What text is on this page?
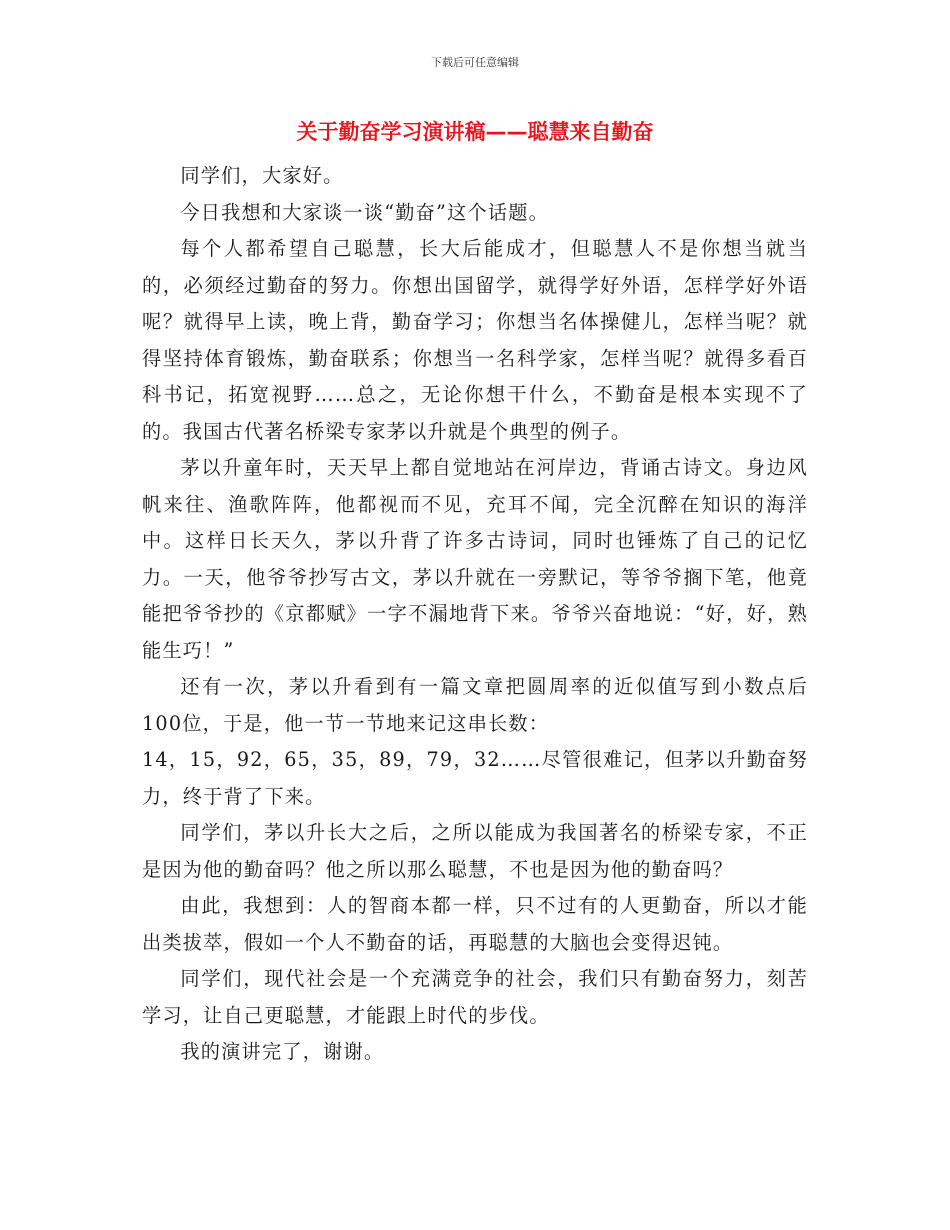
下载后可任意编辑
关于勤奋学习演讲稿——聪慧来自勤奋

同学们，大家好。

今日我想和大家谈一谈“勤奋”这个话题。

每个人都希望自己聪慧，长大后能成才，但聪慧人不是你想当就当的，必须经过勤奋的努力。你想出国留学，就得学好外语，怎样学好外语呢？就得早上读，晚上背，勤奋学习；你想当名体操健儿，怎样当呢？就得坚持体育锻炼，勤奋联系；你想当一名科学家，怎样当呢？就得多看百科书记，拓宽视野……总之，无论你想干什么，不勤奋是根本实现不了的。我国古代著名桥梁专家茅以升就是个典型的例子。

茅以升童年时，天天早上都自觉地站在河岸边，背诵古诗文。身边风帆来往、渔歌阵阵，他都视而不见，充耳不闻，完全沉醉在知识的海洋中。这样日长天久，茅以升背了许多古诗词，同时也锤炼了自己的记忆力。一天，他爷爷抄写古文，茅以升就在一旁默记，等爷爷搁下笔，他竟能把爷爷抄的《京都赋》一字不漏地背下来。爷爷兴奋地说：“好，好，熟能生巧！”

还有一次，茅以升看到有一篇文章把圆周率的近似值写到小数点后100位，于是，他一节一节地来记这串长数：

14，15，92，65，35，89，79，32……尽管很难记，但茅以升勤奋努力，终于背了下来。

同学们，茅以升长大之后，之所以能成为我国著名的桥梁专家，不正是因为他的勤奋吗？他之所以那么聪慧，不也是因为他的勤奋吗？

由此，我想到：人的智商本都一样，只不过有的人更勤奋，所以才能出类拔萃，假如一个人不勤奋的话，再聪慧的大脑也会变得迟钝。

同学们，现代社会是一个充满竞争的社会，我们只有勤奋努力，刻苦学习，让自己更聪慧，才能跟上时代的步伐。

我的演讲完了，谢谢。
